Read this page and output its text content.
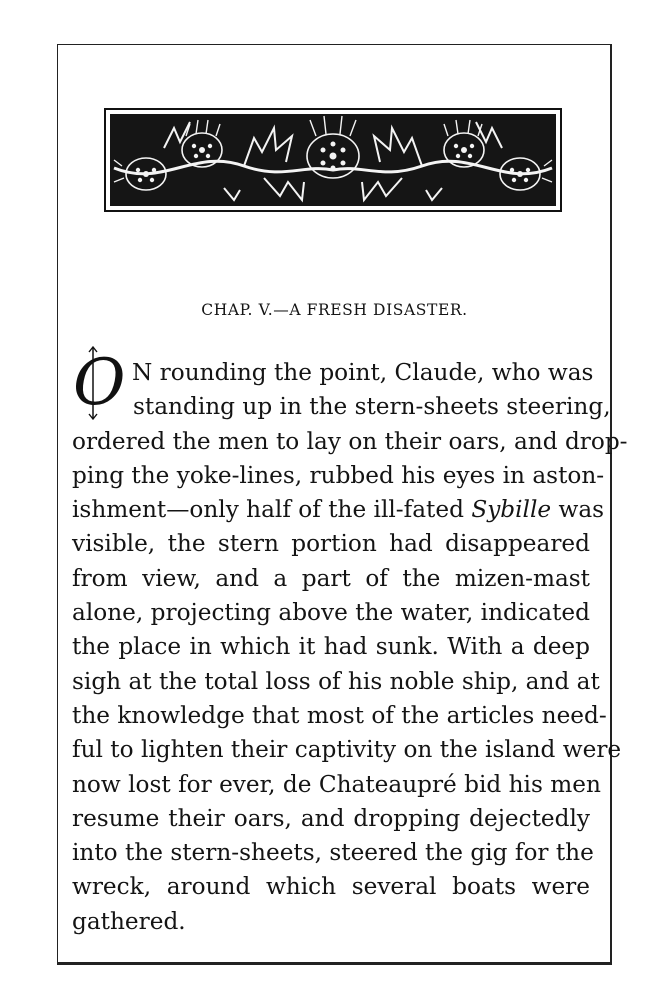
CHAP. V.—A FRESH DISASTER.
O N rounding the point, Claude, who was
standing up in the stern-sheets steering,
ordered the men to lay on their oars, and drop-
ping the yoke-lines, rubbed his eyes in aston-
ishment—only half of the ill-fated Sybille was
visible, the stern portion had disappeared
from view, and a part of the mizen-mast
alone, projecting above the water, indicated
the place in which it had sunk. With a deep
sigh at the total loss of his noble ship, and at
the knowledge that most of the articles need-
ful to lighten their captivity on the island were
now lost for ever, de Chateaupré bid his men
resume their oars, and dropping dejectedly
into the stern-sheets, steered the gig for the
wreck, around which several boats were
gathered.
